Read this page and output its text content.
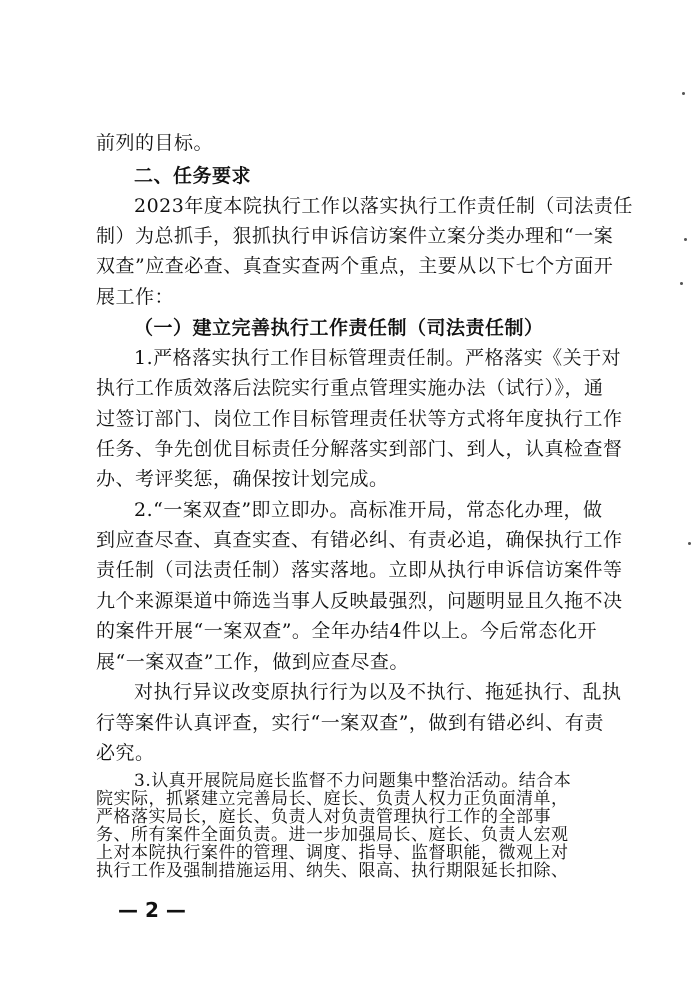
前列的目标。
二、任务要求
2023年度本院执行工作以落实执行工作责任制（司法责任
制）为总抓手，狠抓执行申诉信访案件立案分类办理和“一案
双查”应查必查、真查实查两个重点，主要从以下七个方面开
展工作：
（一）建立完善执行工作责任制（司法责任制）
1.严格落实执行工作目标管理责任制。严格落实《关于对
执行工作质效落后法院实行重点管理实施办法（试行）》，通
过签订部门、岗位工作目标管理责任状等方式将年度执行工作
任务、争先创优目标责任分解落实到部门、到人，认真检查督
办、考评奖惩，确保按计划完成。
2.“一案双查”即立即办。高标准开局，常态化办理，做
到应查尽查、真查实查、有错必纠、有责必追，确保执行工作
责任制（司法责任制）落实落地。立即从执行申诉信访案件等
九个来源渠道中筛选当事人反映最强烈，问题明显且久拖不决
的案件开展“一案双查”。全年办结4件以上。今后常态化开
展“一案双查”工作，做到应查尽查。
对执行异议改变原执行行为以及不执行、拖延执行、乱执
行等案件认真评查，实行“一案双查”，做到有错必纠、有责
必究。
3.认真开展院局庭长监督不力问题集中整治活动。结合本
院实际，抓紧建立完善局长、庭长、负责人权力正负面清单，
严格落实局长，庭长、负责人对负责管理执行工作的全部事
务、所有案件全面负责。进一步加强局长、庭长、负责人宏观
上对本院执行案件的管理、调度、指导、监督职能，微观上对
执行工作及强制措施运用、纳失、限高、执行期限延长扣除、
— 2 —
